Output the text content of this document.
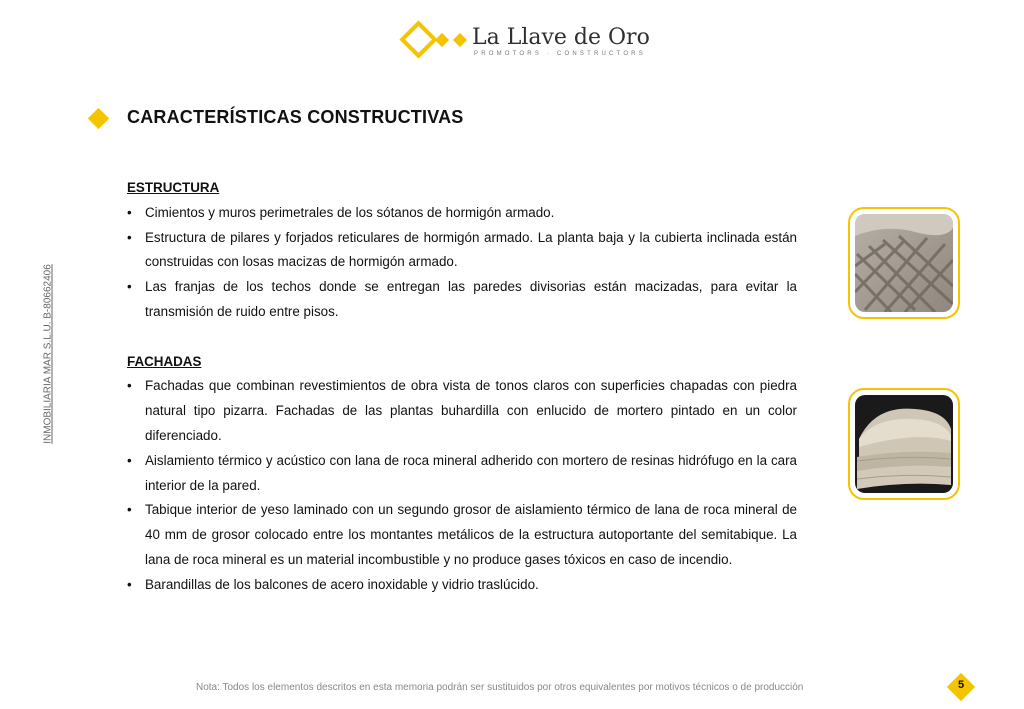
La Llave de Oro
PROMOTORS · CONSTRUCTORS
CARACTERÍSTICAS CONSTRUCTIVAS
INMOBILIARIA MAR S.L.U. B-80662406

ESTRUCTURA

• Cimientos y muros perimetrales de los sótanos de hormigón armado.
• Estructura de pilares y forjados reticulares de hormigón armado. La planta baja y la cubierta inclinada están construidas con losas macizas de hormigón armado.
• Las franjas de los techos donde se entregan las paredes divisorias están macizadas, para evitar la transmisión de ruido entre pisos.

FACHADAS

• Fachadas que combinan revestimientos de obra vista de tonos claros con superficies chapadas con piedra natural tipo pizarra. Fachadas de las plantas buhardilla con enlucido de mortero pintado en un color diferenciado.
• Aislamiento térmico y acústico con lana de roca mineral adherido con mortero de resinas hidrófugo en la cara interior de la pared.
• Tabique interior de yeso laminado con un segundo grosor de aislamiento térmico de lana de roca mineral de 40 mm de grosor colocado entre los montantes metálicos de la estructura autoportante del semitabique. La lana de roca mineral es un material incombustible y no produce gases tóxicos en caso de incendio.
• Barandillas de los balcones de acero inoxidable y vidrio traslúcido.
Nota: Todos los elementos descritos en esta memoria podrán ser sustituidos por otros equivalentes por motivos técnicos o de producción	5
